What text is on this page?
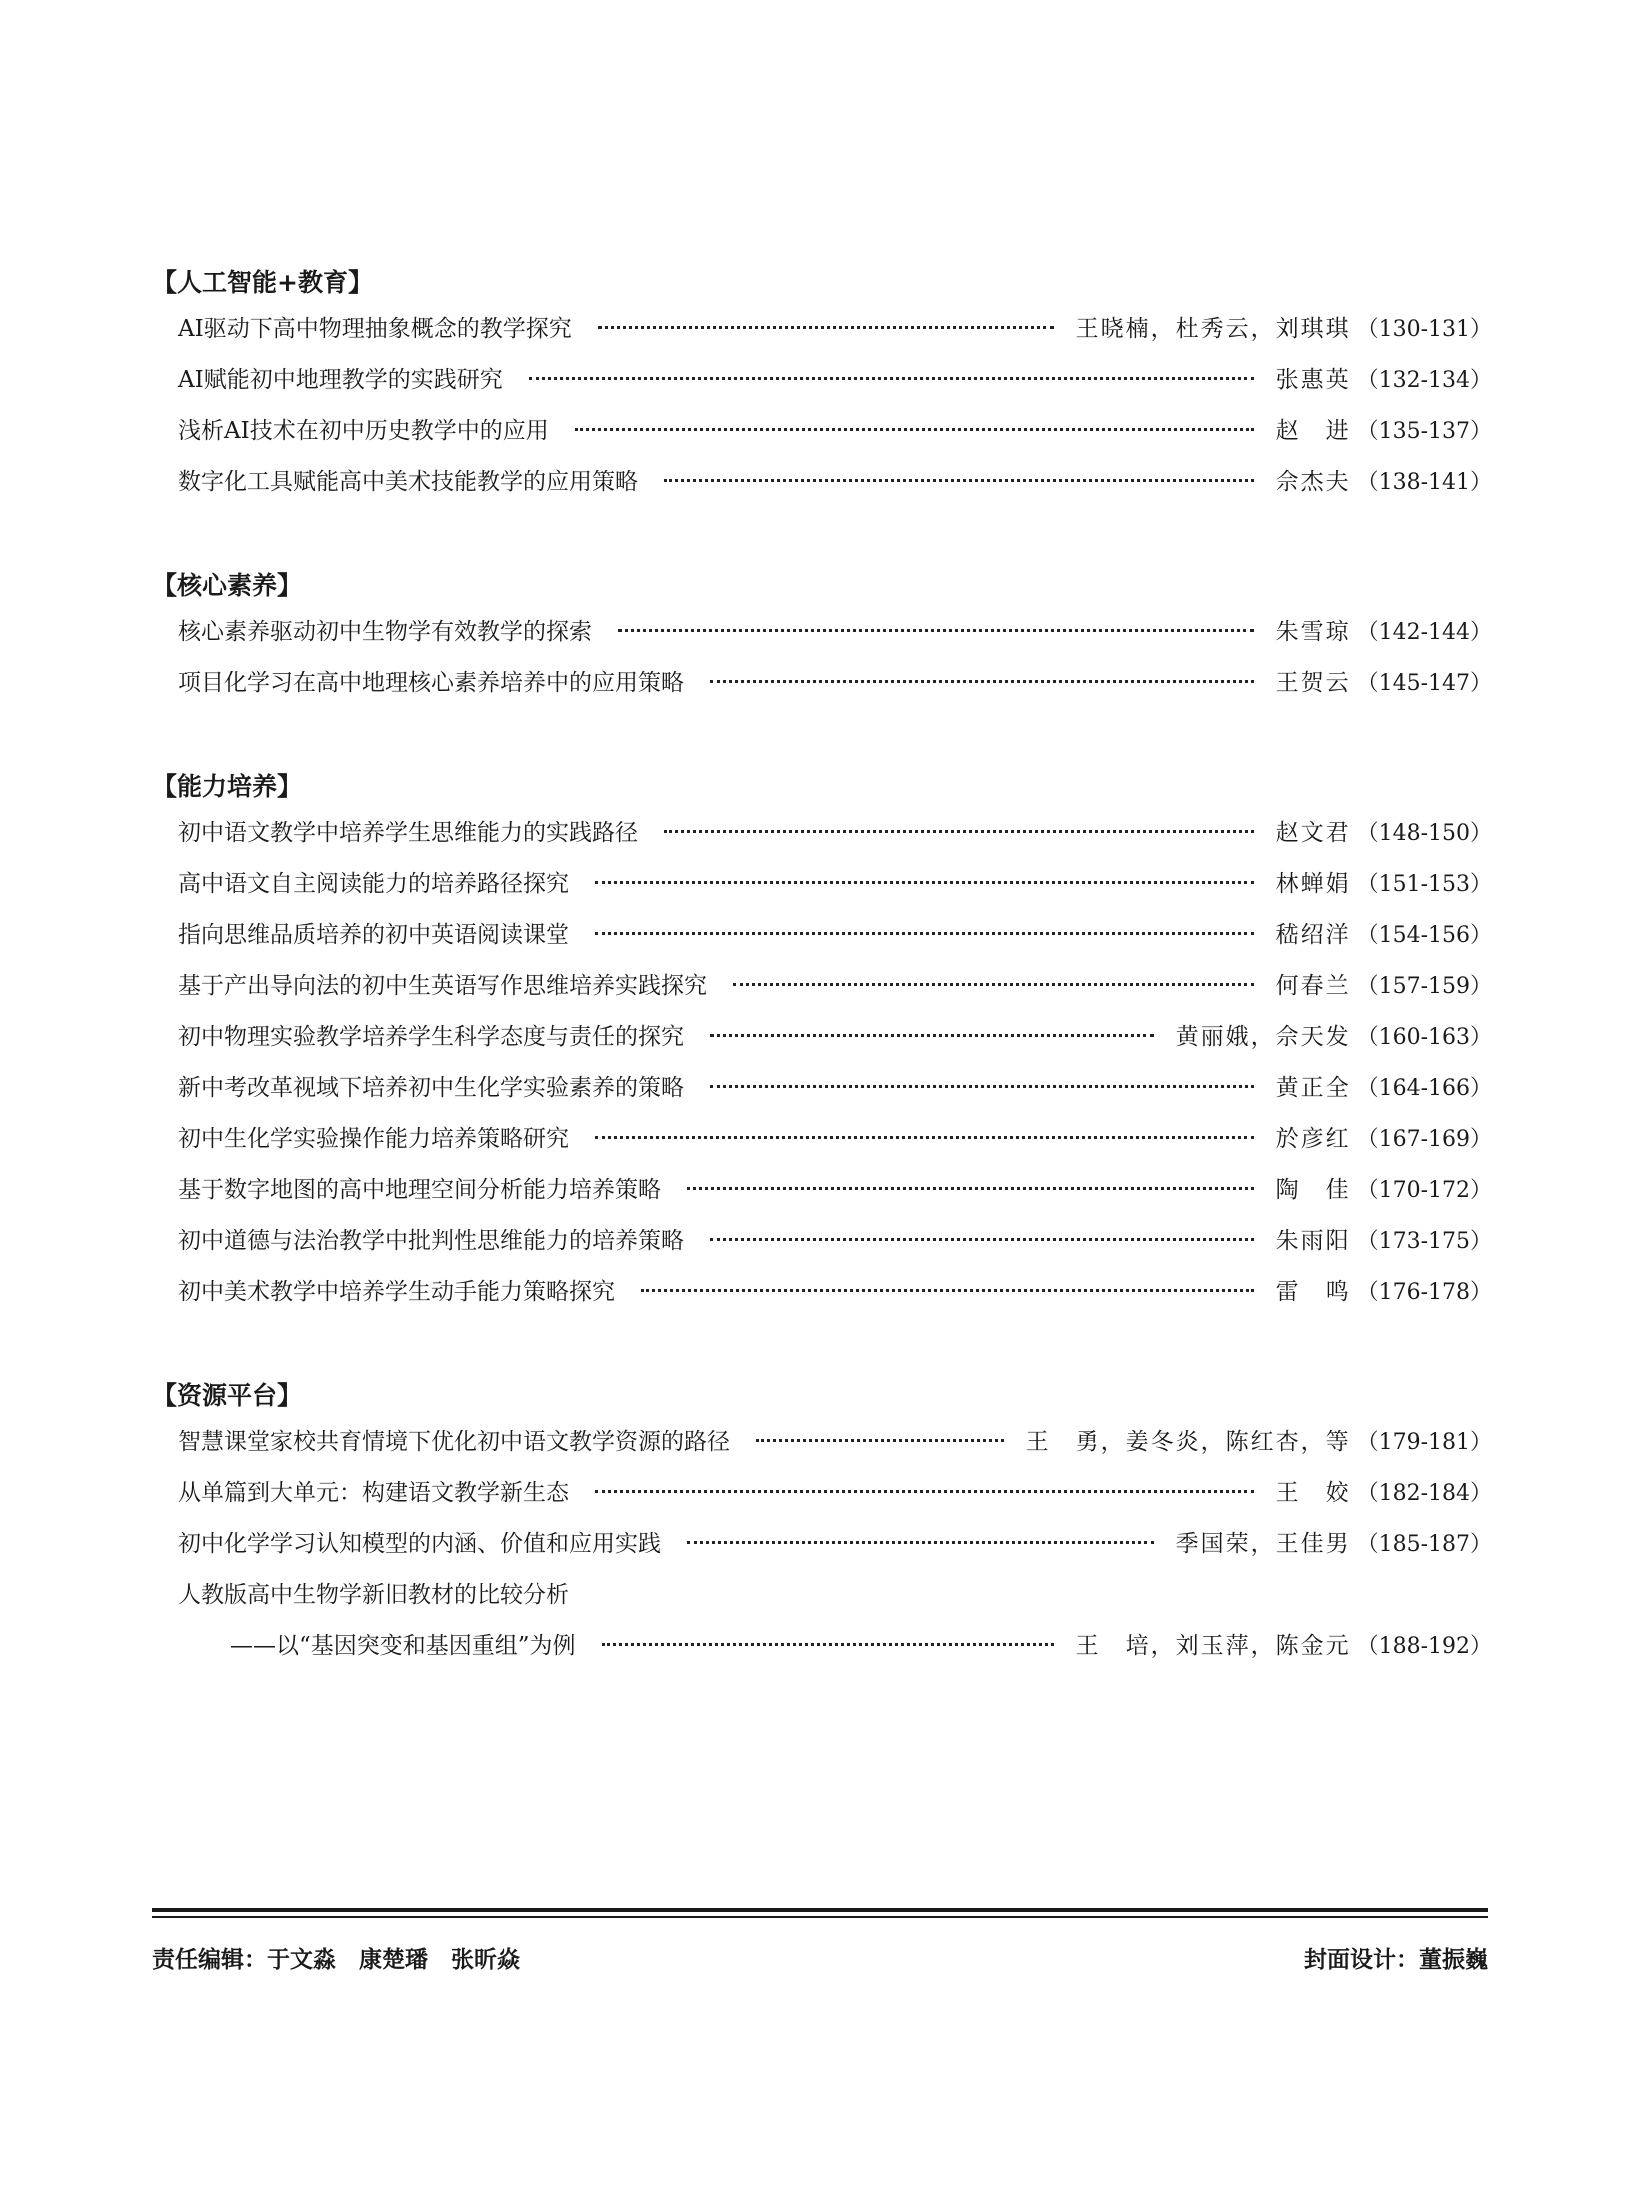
【人工智能+教育】
AI驱动下高中物理抽象概念的教学探究	王晓楠，杜秀云，刘琪琪 （130-131）
AI赋能初中地理教学的实践研究	张惠英 （132-134）
浅析AI技术在初中历史教学中的应用	赵　进 （135-137）
数字化工具赋能高中美术技能教学的应用策略	佘杰夫 （138-141）
【核心素养】
核心素养驱动初中生物学有效教学的探索	朱雪琼 （142-144）
项目化学习在高中地理核心素养培养中的应用策略	王贺云 （145-147）
【能力培养】
初中语文教学中培养学生思维能力的实践路径	赵文君 （148-150）
高中语文自主阅读能力的培养路径探究	林蝉娟 （151-153）
指向思维品质培养的初中英语阅读课堂	嵇绍洋 （154-156）
基于产出导向法的初中生英语写作思维培养实践探究	何春兰 （157-159）
初中物理实验教学培养学生科学态度与责任的探究	黄丽娥，佘天发 （160-163）
新中考改革视域下培养初中生化学实验素养的策略	黄正全 （164-166）
初中生化学实验操作能力培养策略研究	於彦红 （167-169）
基于数字地图的高中地理空间分析能力培养策略	陶　佳 （170-172）
初中道德与法治教学中批判性思维能力的培养策略	朱雨阳 （173-175）
初中美术教学中培养学生动手能力策略探究	雷　鸣 （176-178）
【资源平台】
智慧课堂家校共育情境下优化初中语文教学资源的路径	王　勇，姜冬炎，陈红杏，等 （179-181）
从单篇到大单元：构建语文教学新生态	王　姣 （182-184）
初中化学学习认知模型的内涵、价值和应用实践	季国荣，王佳男 （185-187）
人教版高中生物学新旧教材的比较分析
——以“基因突变和基因重组”为例	王　培，刘玉萍，陈金元 （188-192）
责任编辑：于文淼　康楚璠　张昕焱	封面设计：董振巍
